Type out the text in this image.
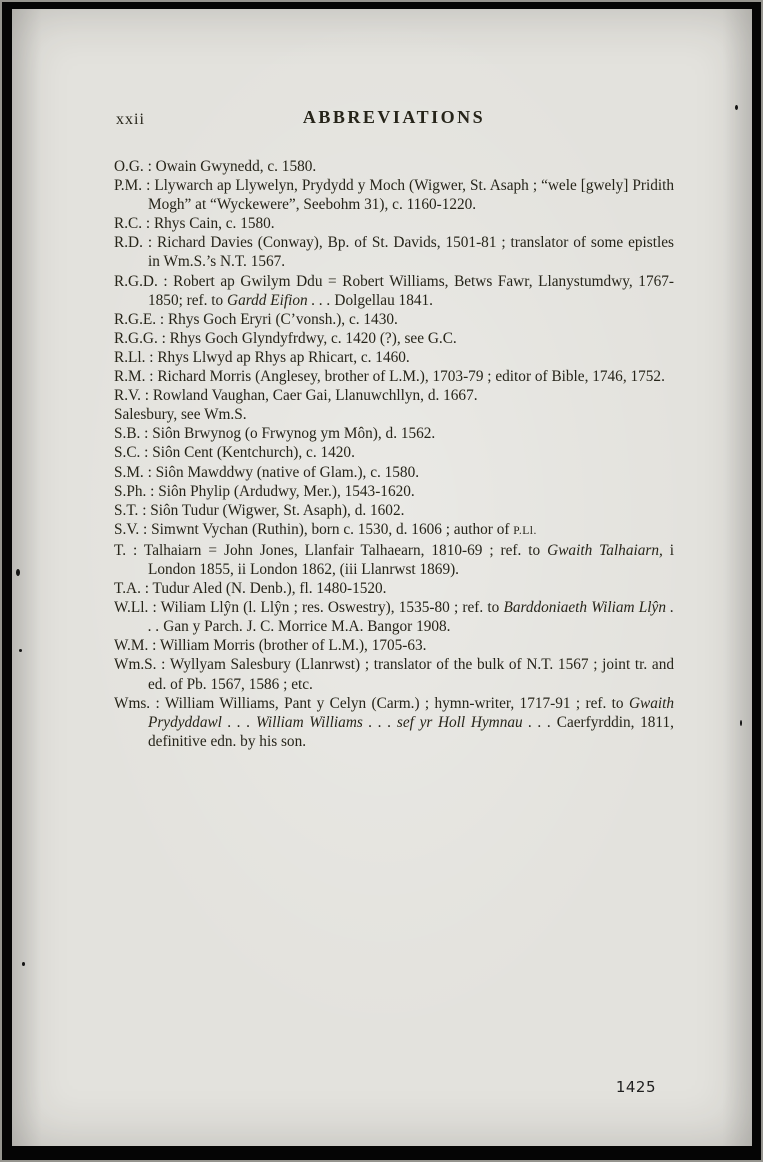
xxii	ABBREVIATIONS

O.G. : Owain Gwynedd, c. 1580.

P.M. : Llywarch ap Llywelyn, Prydydd y Moch (Wigwer, St. Asaph ; “wele [gwely] Pridith Mogh” at “Wyckewere”, Seebohm 31), c. 1160-1220.

R.C. : Rhys Cain, c. 1580.

R.D. : Richard Davies (Conway), Bp. of St. Davids, 1501-81 ; translator of some epistles in Wm.S.’s N.T. 1567.

R.G.D. : Robert ap Gwilym Ddu = Robert Williams, Betws Fawr, Llanystumdwy, 1767-1850; ref. to Gardd Eifion . . . Dolgellau 1841.

R.G.E. : Rhys Goch Eryri (C’vonsh.), c. 1430.

R.G.G. : Rhys Goch Glyndyfrdwy, c. 1420 (?), see G.C.

R.Ll. : Rhys Llwyd ap Rhys ap Rhicart, c. 1460.

R.M. : Richard Morris (Anglesey, brother of L.M.), 1703-79 ; editor of Bible, 1746, 1752.

R.V. : Rowland Vaughan, Caer Gai, Llanuwchllyn, d. 1667.

Salesbury, see Wm.S.

S.B. : Siôn Brwynog (o Frwynog ym Môn), d. 1562.

S.C. : Siôn Cent (Kentchurch), c. 1420.

S.M. : Siôn Mawddwy (native of Glam.), c. 1580.

S.Ph. : Siôn Phylip (Ardudwy, Mer.), 1543-1620.

S.T. : Siôn Tudur (Wigwer, St. Asaph), d. 1602.

S.V. : Simwnt Vychan (Ruthin), born c. 1530, d. 1606 ; author of P.Ll.

T. : Talhaiarn = John Jones, Llanfair Talhaearn, 1810-69 ; ref. to Gwaith Talhaiarn, i London 1855, ii London 1862, (iii Llanrwst 1869).

T.A. : Tudur Aled (N. Denb.), fl. 1480-1520.

W.Ll. : Wiliam Llŷn (l. Llŷn ; res. Oswestry), 1535-80 ; ref. to Barddoniaeth Wiliam Llŷn . . . Gan y Parch. J. C. Morrice M.A. Bangor 1908.

W.M. : William Morris (brother of L.M.), 1705-63.

Wm.S. : Wyllyam Salesbury (Llanrwst) ; translator of the bulk of N.T. 1567 ; joint tr. and ed. of Pb. 1567, 1586 ; etc.

Wms. : William Williams, Pant y Celyn (Carm.) ; hymn-writer, 1717-91 ; ref. to Gwaith Prydyddawl . . . William Williams . . . sef yr Holl Hymnau . . . Caerfyrddin, 1811, definitive edn. by his son.

1425
